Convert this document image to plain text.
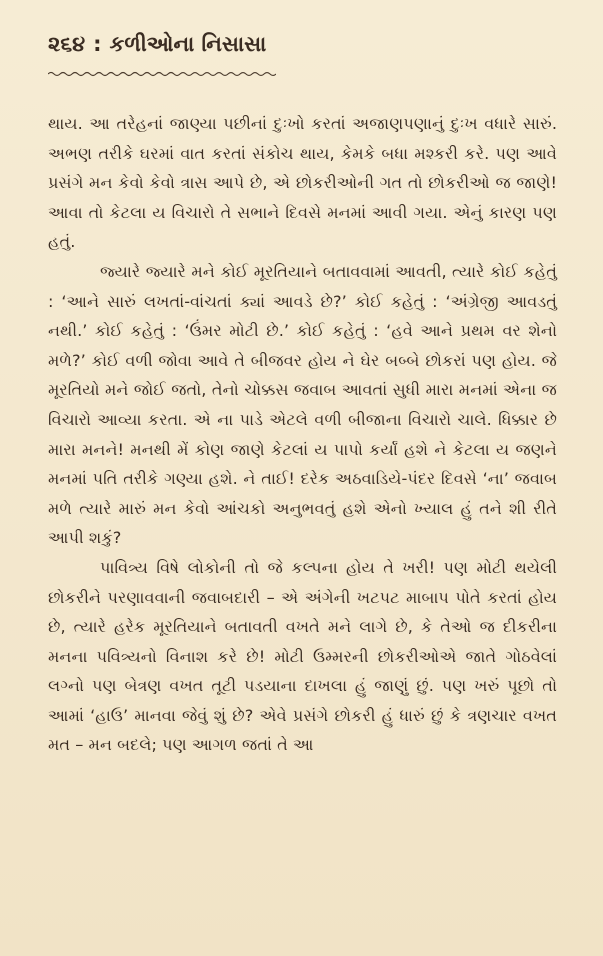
૨૬૪ : કળીઓના નિસાસા

થાય. આ તરેહનાં જાણ્યા પછીનાં દુઃખો કરતાં અજાણપણાનું દુઃખ વધારે સારું. અભણ તરીકે ઘરમાં વાત કરતાં સંકોચ થાય, કેમકે બધા મશ્કરી કરે. પણ આવે પ્રસંગે મન કેવો કેવો ત્રાસ આપે છે, એ છોકરીઓની ગત તો છોકરીઓ જ જાણે! આવા તો કેટલા ય વિચારો તે સભાને દિવસે મનમાં આવી ગયા. એનું કારણ પણ હતું.

જ્યારે જ્યારે મને કોઈ મૂરતિયાને બતાવવામાં આવતી, ત્યારે કોઈ કહેતું : ‘આને સારું લખતાં-વાંચતાં ક્યાં આવડે છે?’ કોઈ કહેતું : ‘અંગ્રેજી આવડતું નથી.’ કોઈ કહેતું : ‘ઉંમર મોટી છે.’ કોઈ કહેતું : ‘હવે આને પ્રથમ વર શેનો મળે?’ કોઈ વળી જોવા આવે તે બીજવર હોય ને ઘેર બબ્બે છોકરાં પણ હોય. જે મૂરતિયો મને જોઈ જતો, તેનો ચોક્કસ જવાબ આવતાં સુધી મારા મનમાં એના જ વિચારો આવ્યા કરતા. એ ના પાડે એટલે વળી બીજાના વિચારો ચાલે. ધિક્કાર છે મારા મનને! મનથી મેં કોણ જાણે કેટલાં ય પાપો કર્યાં હશે ને કેટલા ય જણને મનમાં પતિ તરીકે ગણ્યા હશે. ને તાઈ! દરેક અઠવાડિયે-પંદર દિવસે ‘ના’ જવાબ મળે ત્યારે મારું મન કેવો આંચકો અનુભવતું હશે એનો ખ્યાલ હું તને શી રીતે આપી શકું?

પાવિત્ર્ય વિષે લોકોની તો જે કલ્પના હોય તે ખરી! પણ મોટી થયેલી છોકરીને પરણાવવાની જવાબદારી – એ અંગેની ખટપટ માબાપ પોતે કરતાં હોય છે, ત્યારે હરેક મૂરતિયાને બતાવતી વખતે મને લાગે છે, કે તેઓ જ દીકરીના મનના પવિત્ર્યનો વિનાશ કરે છે! મોટી ઉમ્મરની છોકરીઓએ જાતે ગોઠવેલાં લગ્નો પણ બેત્રણ વખત તૂટી પડયાના દાખલા હું જાણું છું. પણ ખરું પૂછો તો આમાં ‘હાઉ’ માનવા જેવું શું છે? એવે પ્રસંગે છોકરી હું ધારું છું કે ત્રણચાર વખત મત – મન બદલે; પણ આગળ જતાં તે આ
